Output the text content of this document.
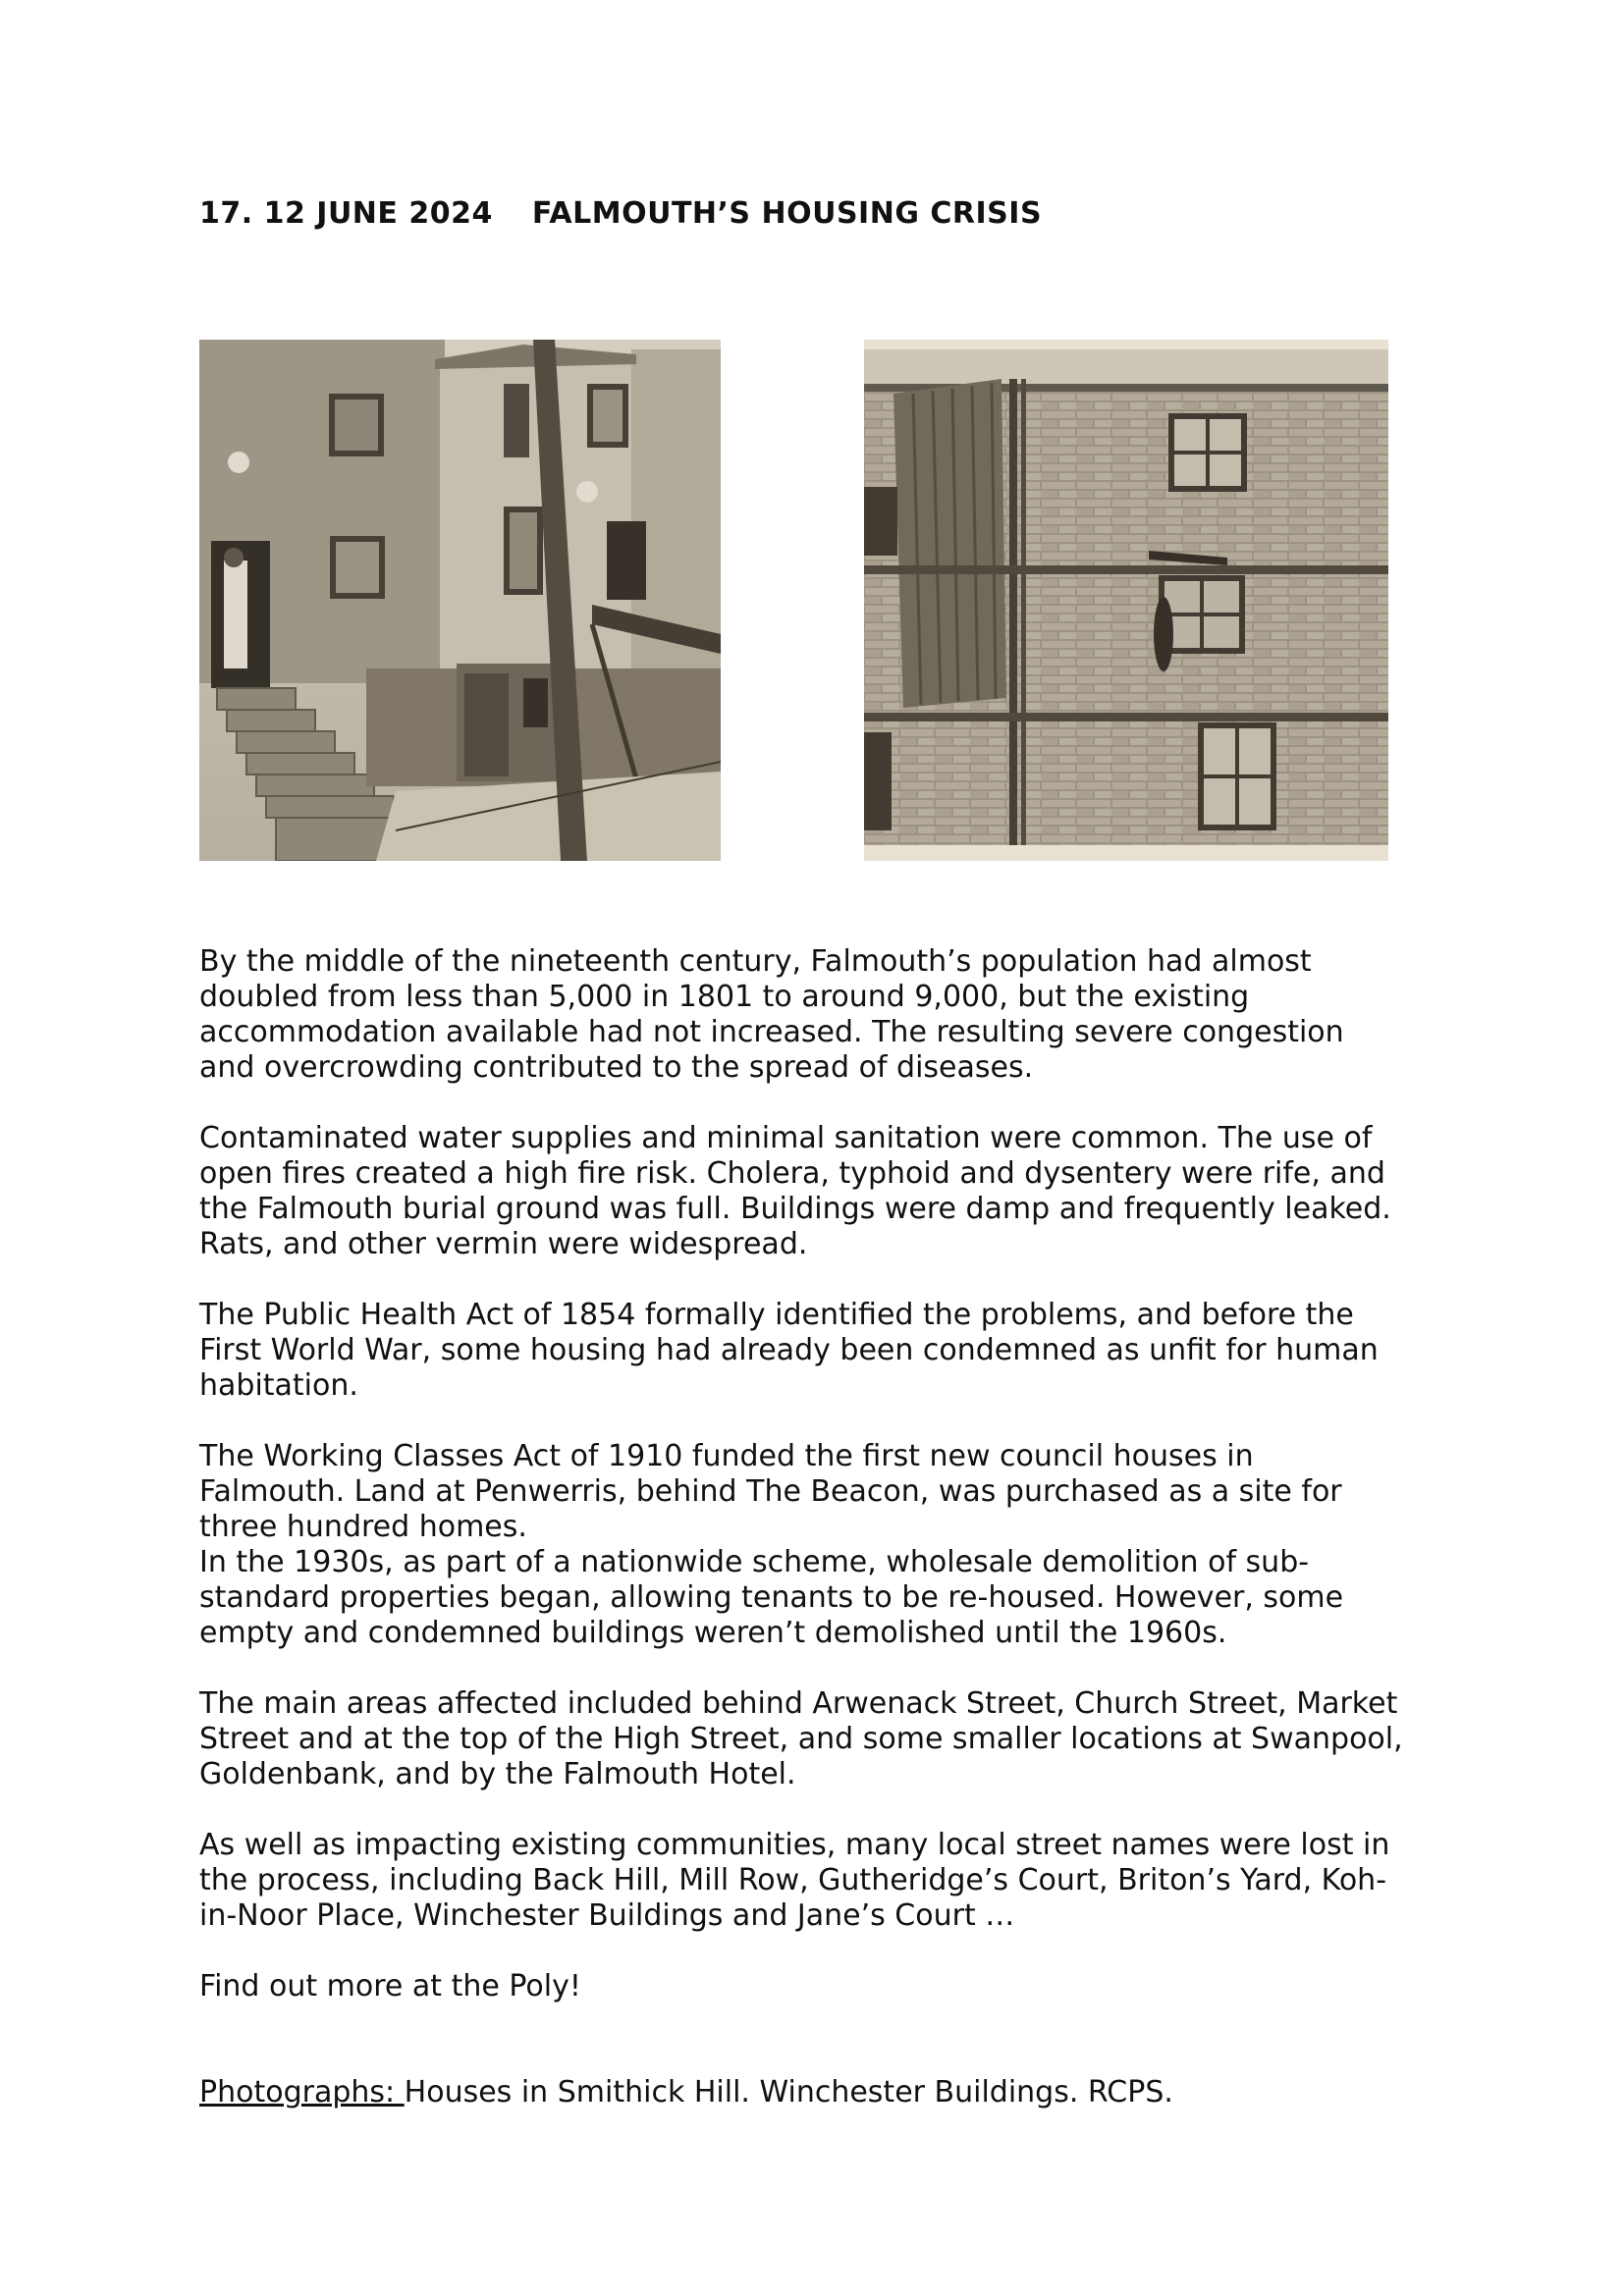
17. 12 JUNE 2024 FALMOUTH’S HOUSING CRISIS

By the middle of the nineteenth century, Falmouth’s population had almost
doubled from less than 5,000 in 1801 to around 9,000, but the existing
accommodation available had not increased. The resulting severe congestion
and overcrowding contributed to the spread of diseases.

Contaminated water supplies and minimal sanitation were common. The use of
open fires created a high fire risk. Cholera, typhoid and dysentery were rife, and
the Falmouth burial ground was full. Buildings were damp and frequently leaked.
Rats, and other vermin were widespread.

The Public Health Act of 1854 formally identified the problems, and before the
First World War, some housing had already been condemned as unfit for human
habitation.

The Working Classes Act of 1910 funded the first new council houses in
Falmouth. Land at Penwerris, behind The Beacon, was purchased as a site for
three hundred homes.

In the 1930s, as part of a nationwide scheme, wholesale demolition of sub-
standard properties began, allowing tenants to be re-housed. However, some
empty and condemned buildings weren’t demolished until the 1960s.

The main areas affected included behind Arwenack Street, Church Street, Market
Street and at the top of the High Street, and some smaller locations at Swanpool,
Goldenbank, and by the Falmouth Hotel.

As well as impacting existing communities, many local street names were lost in
the process, including Back Hill, Mill Row, Gutheridge’s Court, Briton’s Yard, Koh-
in-Noor Place, Winchester Buildings and Jane’s Court …

Find out more at the Poly!

Photographs: Houses in Smithick Hill. Winchester Buildings. RCPS.
